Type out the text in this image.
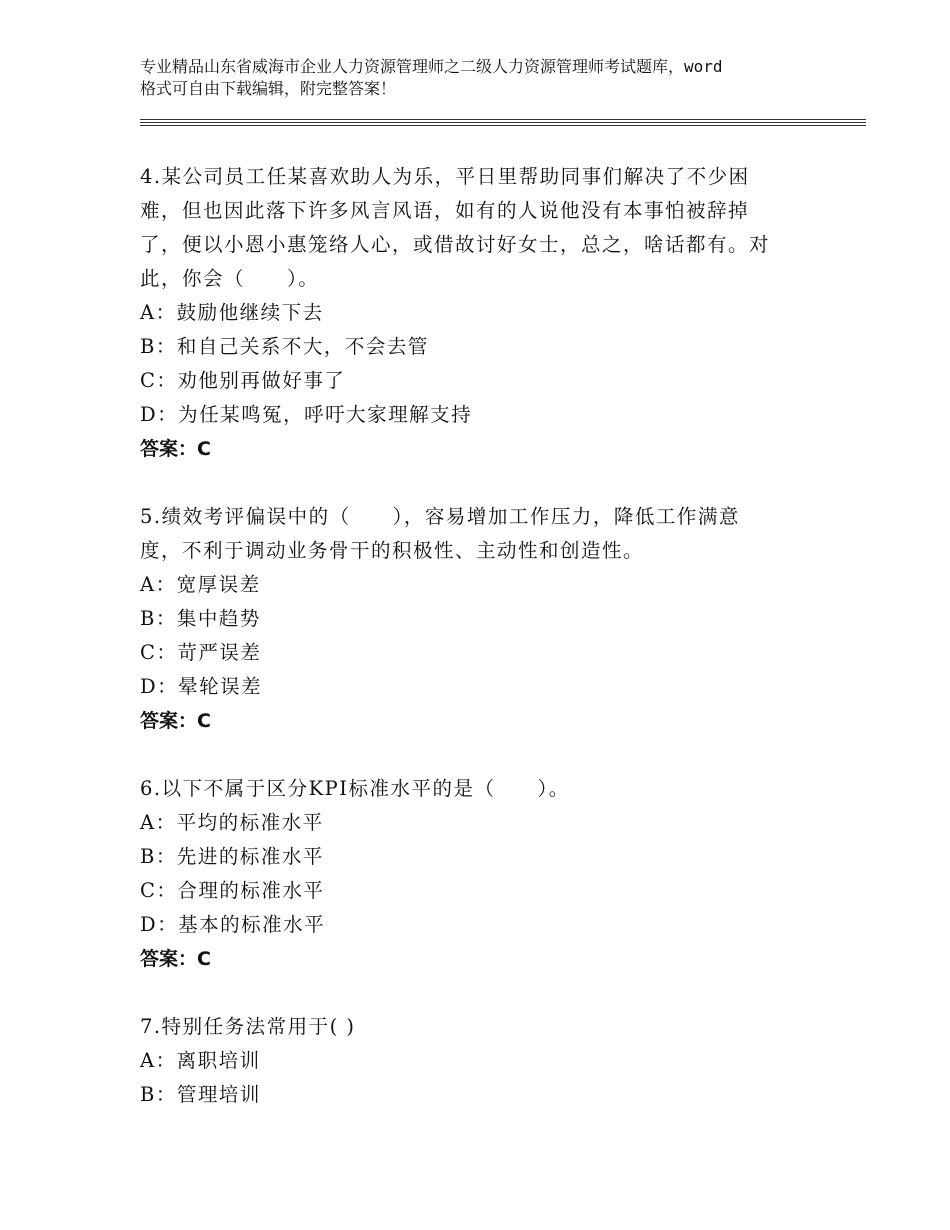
专业精品山东省威海市企业人力资源管理师之二级人力资源管理师考试题库，word
格式可自由下载编辑，附完整答案！
4.某公司员工任某喜欢助人为乐，平日里帮助同事们解决了不少困
难，但也因此落下许多风言风语，如有的人说他没有本事怕被辞掉
了，便以小恩小惠笼络人心，或借故讨好女士，总之，啥话都有。对
此，你会（　　）。
A：鼓励他继续下去
B：和自己关系不大，不会去管
C：劝他别再做好事了
D：为任某鸣冤，呼吁大家理解支持
答案：C
5.绩效考评偏误中的（　　），容易增加工作压力，降低工作满意
度，不利于调动业务骨干的积极性、主动性和创造性。
A：宽厚误差
B：集中趋势
C：苛严误差
D：晕轮误差
答案：C
6.以下不属于区分KPI标准水平的是（　　）。
A：平均的标准水平
B：先进的标准水平
C：合理的标准水平
D：基本的标准水平
答案：C
7.特别任务法常用于( )
A：离职培训
B：管理培训
